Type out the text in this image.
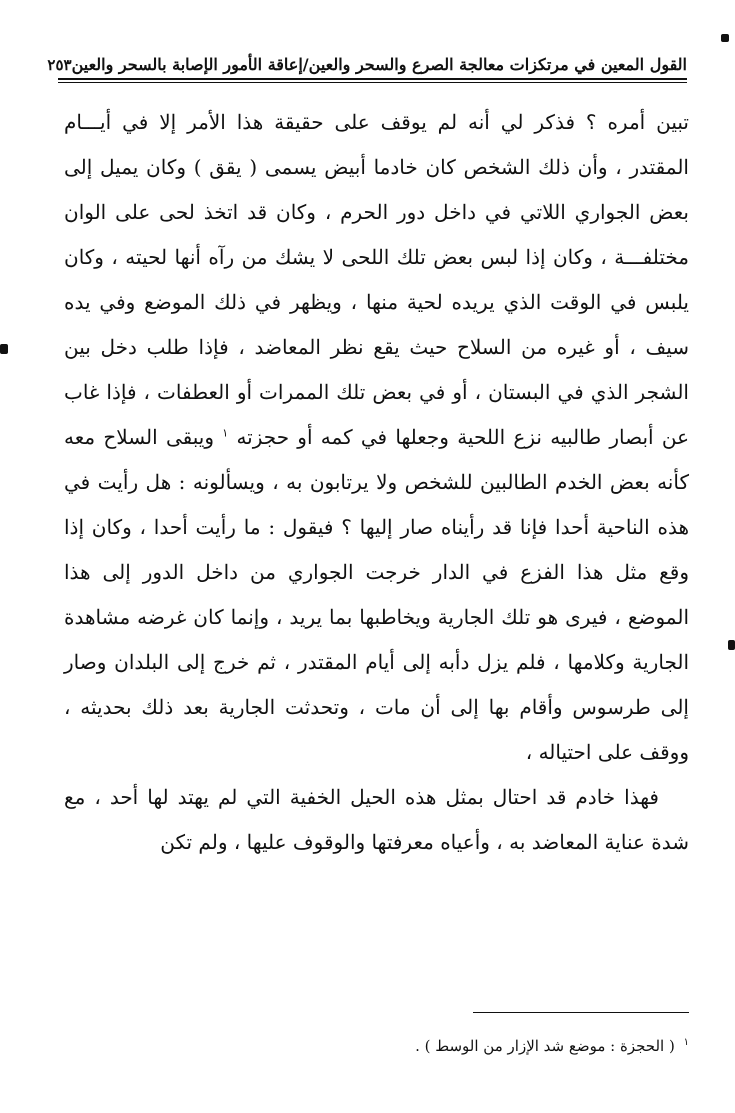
القول المعين في مرتكزات معالجة الصرع والسحر والعين/إعاقة الأمور الإصابة بالسحر والعين
٢٥٣

تبين أمره ؟ فذكر لي أنه لم يوقف على حقيقة هذا الأمر إلا في أيـــام المقتدر ، وأن ذلك الشخص كان خادما أبيض يسمى ( يقق ) وكان يميل إلى بعض الجواري اللاتي في داخل دور الحرم ، وكان قد اتخذ لحى على الوان مختلفـــة ، وكان إذا لبس بعض تلك اللحى لا يشك من رآه أنها لحيته ، وكان يلبس في الوقت الذي يريده لحية منها ، ويظهر في ذلك الموضع وفي يده سيف ، أو غيره من السلاح حيث يقع نظر المعاضد ، فإذا طلب دخل بين الشجر الذي في البستان ، أو في بعض تلك الممرات أو العطفات ، فإذا غاب عن أبصار طالبيه نزع اللحية وجعلها في كمه أو حجزته $^١$ ويبقى السلاح معه كأنه بعض الخدم الطالبين للشخص ولا يرتابون به ، ويسألونه : هل رأيت في هذه الناحية أحدا فإنا قد رأيناه صار إليها ؟ فيقول : ما رأيت أحدا ، وكان إذا وقع مثل هذا الفزع في الدار خرجت الجواري من داخل الدور إلى هذا الموضع ، فيرى هو تلك الجارية ويخاطبها بما يريد ، وإنما كان غرضه مشاهدة الجارية وكلامها ، فلم يزل دأبه إلى أيام المقتدر ، ثم خرج إلى البلدان وصار إلى طرسوس وأقام بها إلى أن مات ، وتحدثت الجارية بعد ذلك بحديثه ، ووقف على احتياله ،

فهذا خادم قد احتال بمثل هذه الحيل الخفية التي لم يهتد لها أحد ، مع شدة عناية المعاضد به ، وأعياه معرفتها والوقوف عليها ، ولم تكن

$^١$ ( الحجزة : موضع شد الإزار من الوسط ) .
